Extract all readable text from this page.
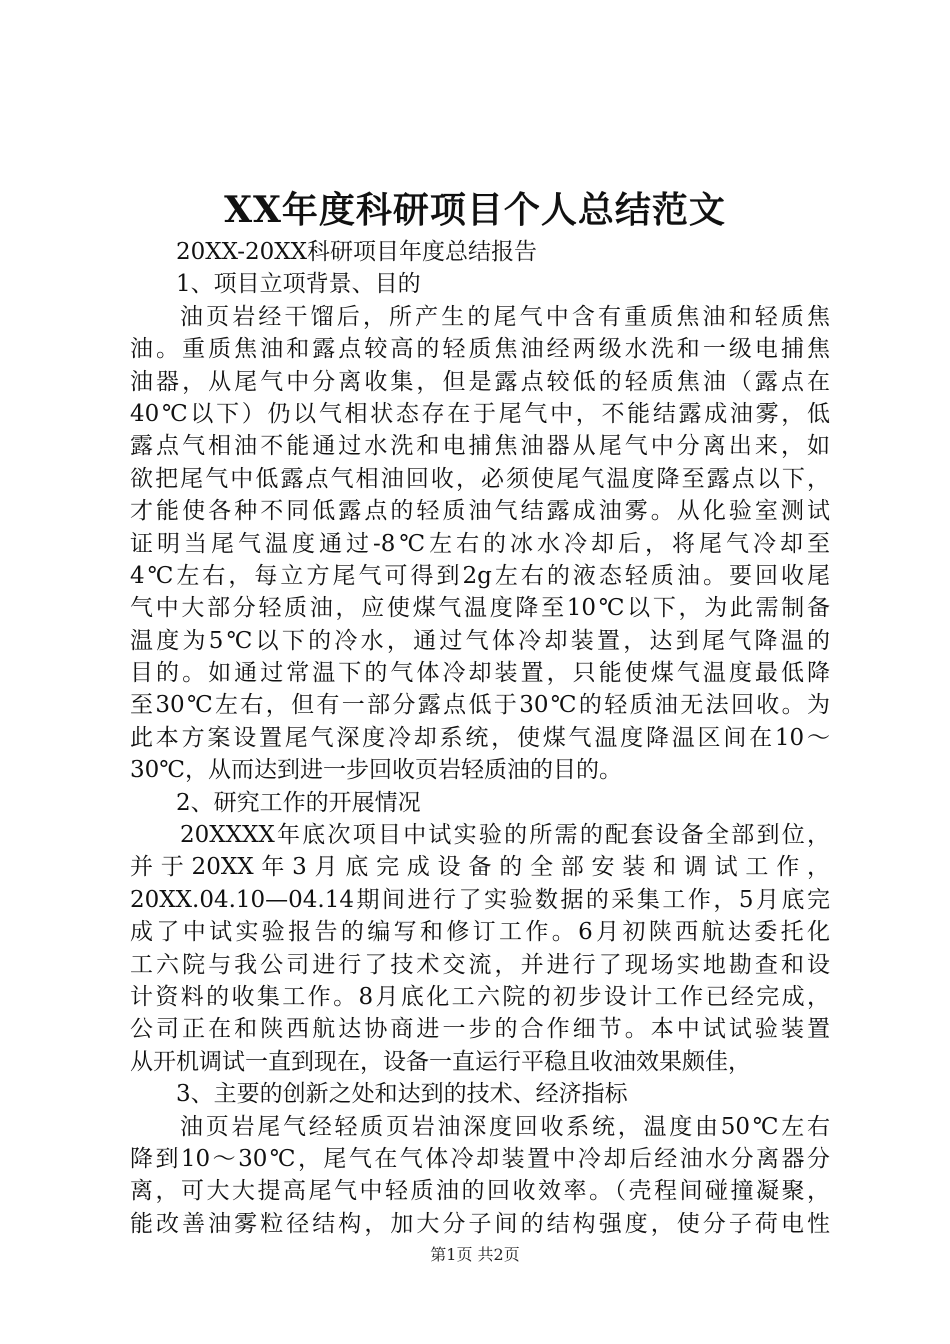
XX年度科研项目个人总结范文
20XX-20XX科研项目年度总结报告
1、项目立项背景、目的
油页岩经干馏后，所产生的尾气中含有重质焦油和轻质焦
油。重质焦油和露点较高的轻质焦油经两级水洗和一级电捕焦
油器，从尾气中分离收集，但是露点较低的轻质焦油（露点在
40℃以下）仍以气相状态存在于尾气中，不能结露成油雾，低
露点气相油不能通过水洗和电捕焦油器从尾气中分离出来，如
欲把尾气中低露点气相油回收，必须使尾气温度降至露点以下，
才能使各种不同低露点的轻质油气结露成油雾。从化验室测试
证明当尾气温度通过-8℃左右的冰水冷却后，将尾气冷却至
4℃左右，每立方尾气可得到2g左右的液态轻质油。要回收尾
气中大部分轻质油，应使煤气温度降至10℃以下，为此需制备
温度为5℃以下的冷水，通过气体冷却装置，达到尾气降温的
目的。如通过常温下的气体冷却装置，只能使煤气温度最低降
至30℃左右，但有一部分露点低于30℃的轻质油无法回收。为
此本方案设置尾气深度冷却系统，使煤气温度降温区间在10～
30℃，从而达到进一步回收页岩轻质油的目的。
2、研究工作的开展情况
20XXXX年底次项目中试实验的所需的配套设备全部到位，
并于20XX年3月底完成设备的全部安装和调试工作，
20XX.04.10—04.14期间进行了实验数据的采集工作，5月底完
成了中试实验报告的编写和修订工作。6月初陕西航达委托化
工六院与我公司进行了技术交流，并进行了现场实地勘查和设
计资料的收集工作。8月底化工六院的初步设计工作已经完成，
公司正在和陕西航达协商进一步的合作细节。本中试试验装置
从开机调试一直到现在，设备一直运行平稳且收油效果颇佳，
3、主要的创新之处和达到的技术、经济指标
油页岩尾气经轻质页岩油深度回收系统，温度由50℃左右
降到10～30℃，尾气在气体冷却装置中冷却后经油水分离器分
离，可大大提高尾气中轻质油的回收效率。（壳程间碰撞凝聚，
能改善油雾粒径结构，加大分子间的结构强度，使分子荷电性
第1页 共2页
